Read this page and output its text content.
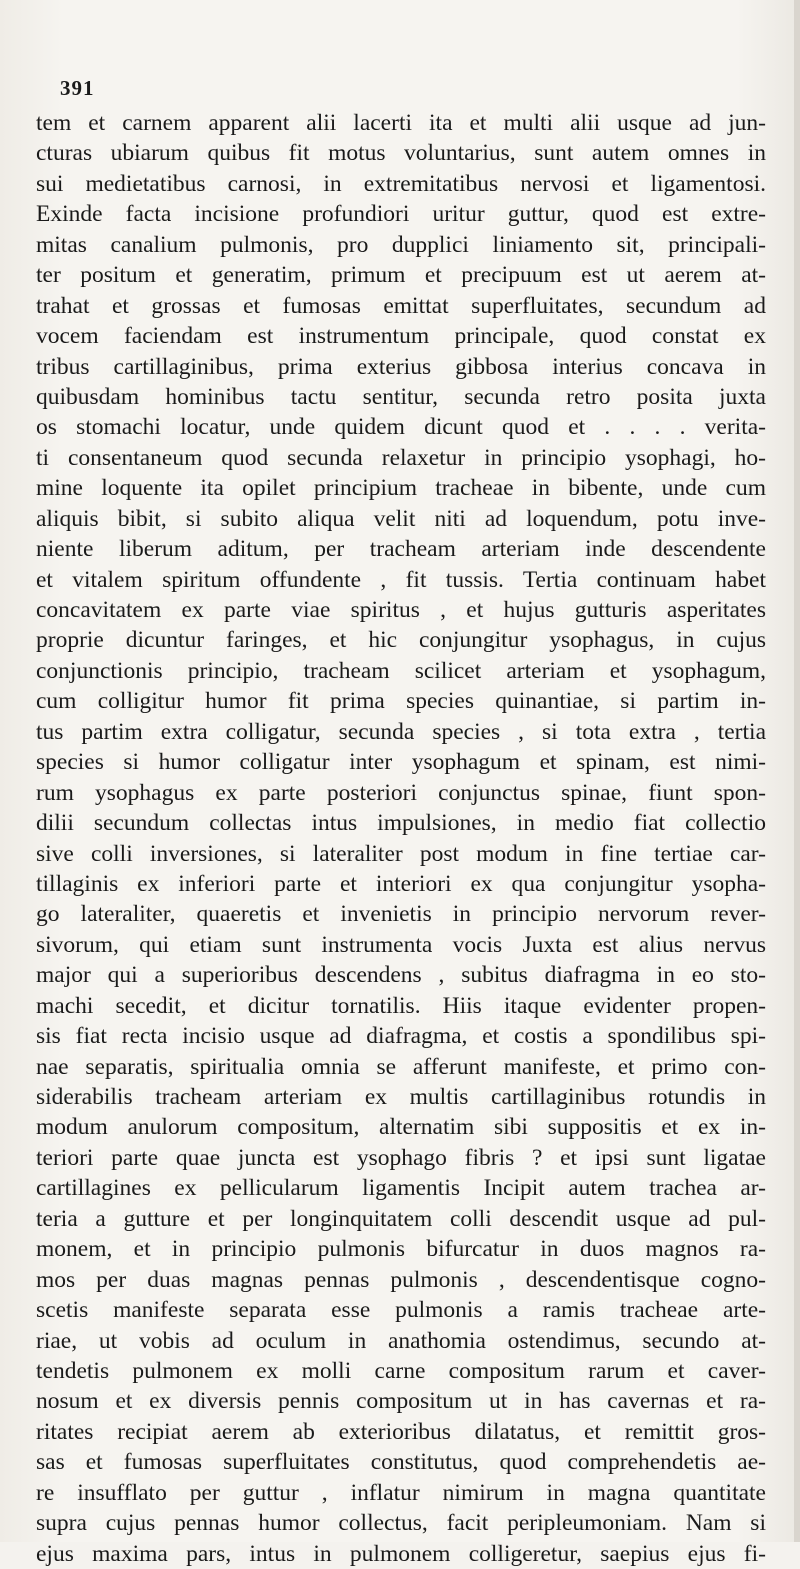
391
tem et carnem apparent alii lacerti ita et multi alii usque ad jun-
cturas ubiarum quibus fit motus voluntarius, sunt autem omnes in
sui medietatibus carnosi, in extremitatibus nervosi et ligamentosi.
Exinde facta incisione profundiori uritur guttur, quod est extre-
mitas canalium pulmonis, pro dupplici liniamento sit, principali-
ter positum et generatim, primum et precipuum est ut aerem at-
trahat et grossas et fumosas emittat superfluitates, secundum ad
vocem faciendam est instrumentum principale, quod constat ex
tribus cartillaginibus, prima exterius gibbosa interius concava in
quibusdam hominibus tactu sentitur, secunda retro posita juxta
os stomachi locatur, unde quidem dicunt quod et . . . . verita-
ti consentaneum quod secunda relaxetur in principio ysophagi, ho-
mine loquente ita opilet principium tracheae in bibente, unde cum
aliquis bibit, si subito aliqua velit niti ad loquendum, potu inve-
niente liberum aditum, per tracheam arteriam inde descendente
et vitalem spiritum offundente , fit tussis. Tertia continuam habet
concavitatem ex parte viae spiritus , et hujus gutturis asperitates
proprie dicuntur faringes, et hic conjungitur ysophagus, in cujus
conjunctionis principio, tracheam scilicet arteriam et ysophagum,
cum colligitur humor fit prima species quinantiae, si partim in-
tus partim extra colligatur, secunda species , si tota extra , tertia
species si humor colligatur inter ysophagum et spinam, est nimi-
rum ysophagus ex parte posteriori conjunctus spinae, fiunt spon-
dilii secundum collectas intus impulsiones, in medio fiat collectio
sive colli inversiones, si lateraliter post modum in fine tertiae car-
tillaginis ex inferiori parte et interiori ex qua conjungitur ysopha-
go lateraliter, quaeretis et invenietis in principio nervorum rever-
sivorum, qui etiam sunt instrumenta vocis Juxta est alius nervus
major qui a superioribus descendens , subitus diafragma in eo sto-
machi secedit, et dicitur tornatilis. Hiis itaque evidenter propen-
sis fiat recta incisio usque ad diafragma, et costis a spondilibus spi-
nae separatis, spiritualia omnia se afferunt manifeste, et primo con-
siderabilis tracheam arteriam ex multis cartillaginibus rotundis in
modum anulorum compositum, alternatim sibi suppositis et ex in-
teriori parte quae juncta est ysophago fibris ? et ipsi sunt ligatae
cartillagines ex pellicularum ligamentis Incipit autem trachea ar-
teria a gutture et per longinquitatem colli descendit usque ad pul-
monem, et in principio pulmonis bifurcatur in duos magnos ra-
mos per duas magnas pennas pulmonis , descendentisque cogno-
scetis manifeste separata esse pulmonis a ramis tracheae arte-
riae, ut vobis ad oculum in anathomia ostendimus, secundo at-
tendetis pulmonem ex molli carne compositum rarum et caver-
nosum et ex diversis pennis compositum ut in has cavernas et ra-
ritates recipiat aerem ab exterioribus dilatatus, et remittit gros-
sas et fumosas superfluitates constitutus, quod comprehendetis ae-
re insufflato per guttur , inflatur nimirum in magna quantitate
supra cujus pennas humor collectus, facit peripleumoniam. Nam si
ejus maxima pars, intus in pulmonem colligeretur, saepius ejus fi-
